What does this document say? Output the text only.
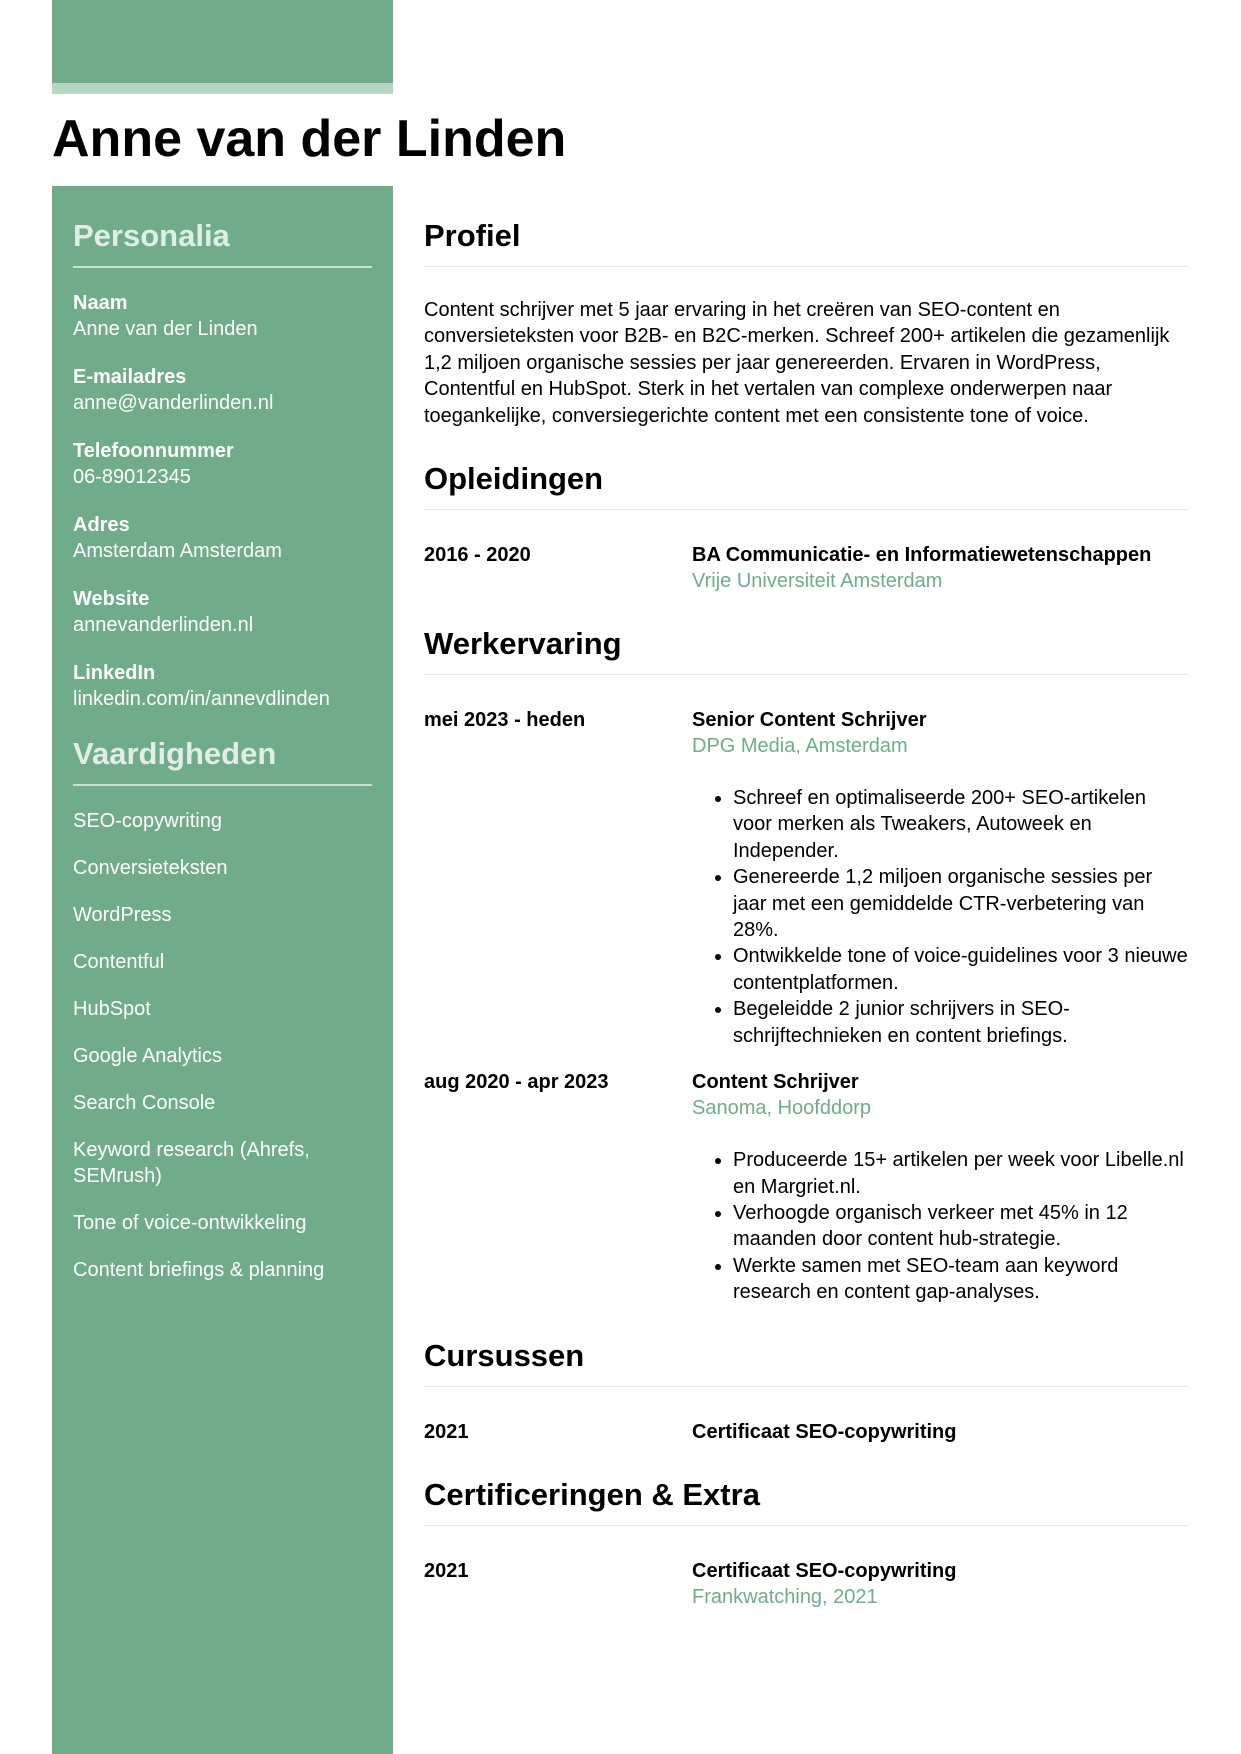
Anne van der Linden
Personalia
Naam
Anne van der Linden
E-mailadres
anne@vanderlinden.nl
Telefoonnummer
06-89012345
Adres
Amsterdam Amsterdam
Website
annevanderlinden.nl
LinkedIn
linkedin.com/in/annevdlinden
Vaardigheden
SEO-copywriting
Conversieteksten
WordPress
Contentful
HubSpot
Google Analytics
Search Console
Keyword research (Ahrefs, SEMrush)
Tone of voice-ontwikkeling
Content briefings & planning
Profiel

Content schrijver met 5 jaar ervaring in het creëren van SEO-content en conversieteksten voor B2B- en B2C-merken. Schreef 200+ artikelen die gezamenlijk 1,2 miljoen organische sessies per jaar genereerden. Ervaren in WordPress, Contentful en HubSpot. Sterk in het vertalen van complexe onderwerpen naar toegankelijke, conversiegerichte content met een consistente tone of voice.

Opleidingen
2016 - 2020	BA Communicatie- en Informatiewetenschappen
Vrije Universiteit Amsterdam
Werkervaring
mei 2023 - heden	Senior Content Schrijver
DPG Media, Amsterdam
• Schreef en optimaliseerde 200+ SEO-artikelen voor merken als Tweakers, Autoweek en Independer.
• Genereerde 1,2 miljoen organische sessies per jaar met een gemiddelde CTR-verbetering van 28%.
• Ontwikkelde tone of voice-guidelines voor 3 nieuwe contentplatformen.
• Begeleidde 2 junior schrijvers in SEO-schrijftechnieken en content briefings.
aug 2020 - apr 2023	Content Schrijver
Sanoma, Hoofddorp
• Produceerde 15+ artikelen per week voor Libelle.nl en Margriet.nl.
• Verhoogde organisch verkeer met 45% in 12 maanden door content hub-strategie.
• Werkte samen met SEO-team aan keyword research en content gap-analyses.
Cursussen
2021	Certificaat SEO-copywriting
Certificeringen & Extra
2021	Certificaat SEO-copywriting
Frankwatching, 2021
